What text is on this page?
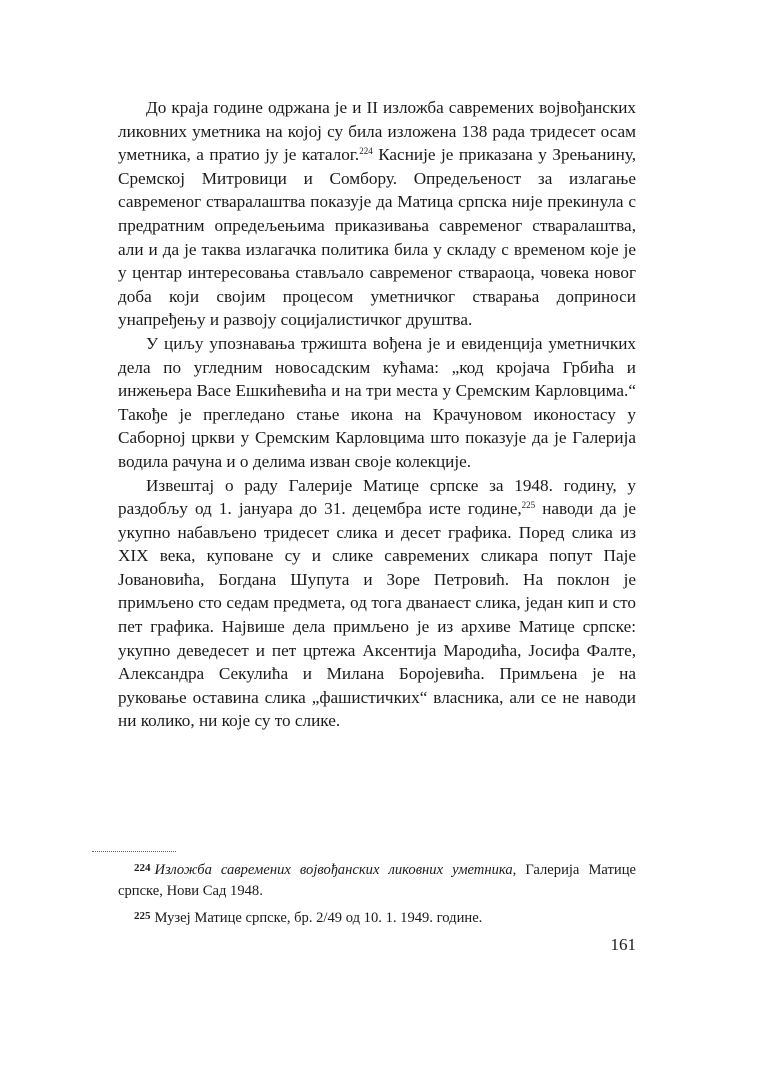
До краја године одржана је и II изложба савремених војвођанских ликовних уметника на којој су била изложена 138 рада тридесет осам уметника, а пратио ју је каталог.$^{224}$ Касније је приказана у Зрењанину, Сремској Митровици и Сомбору. Опредељеност за излагање савременог стваралаштва показује да Матица српска није прекинула с предратним опредељењима приказивања савременог стваралаштва, али и да је таква излагачка политика била у складу с временом које је у центар интересовања стављало савременог ствараоца, човека новог доба који својим процесом уметничког стварања доприноси унапређењу и развоју социјалистичког друштва.

У циљу упознавања тржишта вођена је и евиденција уметничких дела по угледним новосадским кућама: „код кројача Грбића и инжењера Васе Ешкићевића и на три места у Сремским Карловцима.“ Такође је прегледано стање икона на Крачуновом иконостасу у Саборној цркви у Сремским Карловцима што показује да је Галерија водила рачуна и о делима изван своје колекције.

Извештај о раду Галерије Матице српске за 1948. годину, у раздобљу од 1. јануара до 31. децембра исте године,$^{225}$ наводи да је укупно набављено тридесет слика и десет графика. Поред слика из XIX века, куповане су и слике савремених сликара попут Паје Јовановића, Богдана Шупута и Зоре Петровић. На поклон је примљено сто седам предмета, од тога дванаест слика, један кип и сто пет графика. Највише дела примљено је из архиве Матице српске: укупно деведесет и пет цртежа Аксентија Мародића, Јосифа Фалте, Александра Секулића и Милана Боројевића. Примљена је на руковање оставина слика „фашистичких“ власника, али се не наводи ни колико, ни које су то слике.

$^{224}$ Изложба савремених војвођанских ликовних уметника, Галерија Матице српске, Нови Сад 1948.

$^{225}$ Музеј Матице српске, бр. 2/49 од 10. 1. 1949. године.

161
